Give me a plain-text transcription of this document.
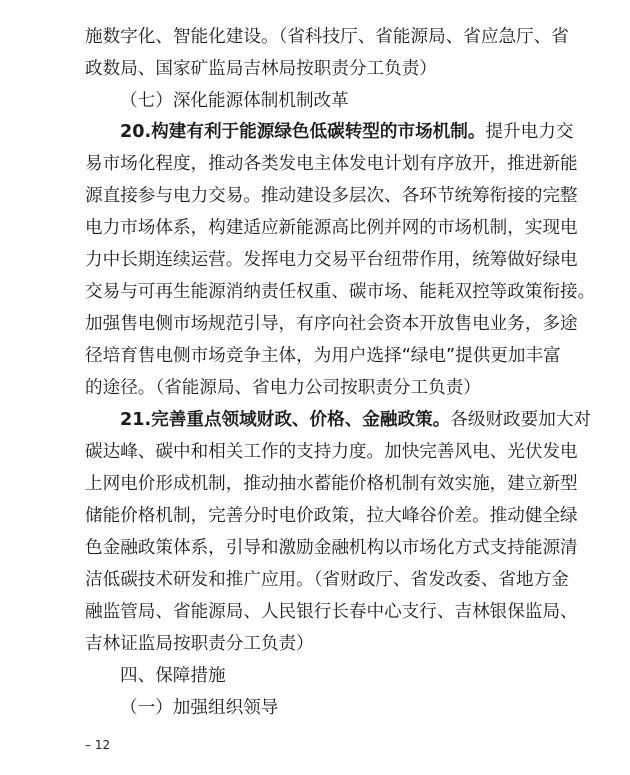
施数字化、智能化建设。（省科技厅、省能源局、省应急厅、省
政数局、国家矿监局吉林局按职责分工负责）
（七）深化能源体制机制改革
20.构建有利于能源绿色低碳转型的市场机制。提升电力交
易市场化程度，推动各类发电主体发电计划有序放开，推进新能
源直接参与电力交易。推动建设多层次、各环节统筹衔接的完整
电力市场体系，构建适应新能源高比例并网的市场机制，实现电
力中长期连续运营。发挥电力交易平台纽带作用，统筹做好绿电
交易与可再生能源消纳责任权重、碳市场、能耗双控等政策衔接。
加强售电侧市场规范引导，有序向社会资本开放售电业务，多途
径培育售电侧市场竞争主体，为用户选择“绿电”提供更加丰富
的途径。（省能源局、省电力公司按职责分工负责）
21.完善重点领域财政、价格、金融政策。各级财政要加大对
碳达峰、碳中和相关工作的支持力度。加快完善风电、光伏发电
上网电价形成机制，推动抽水蓄能价格机制有效实施，建立新型
储能价格机制，完善分时电价政策，拉大峰谷价差。推动健全绿
色金融政策体系，引导和激励金融机构以市场化方式支持能源清
洁低碳技术研发和推广应用。（省财政厅、省发改委、省地方金
融监管局、省能源局、人民银行长春中心支行、吉林银保监局、
吉林证监局按职责分工负责）
四、保障措施
（一）加强组织领导
– 12
